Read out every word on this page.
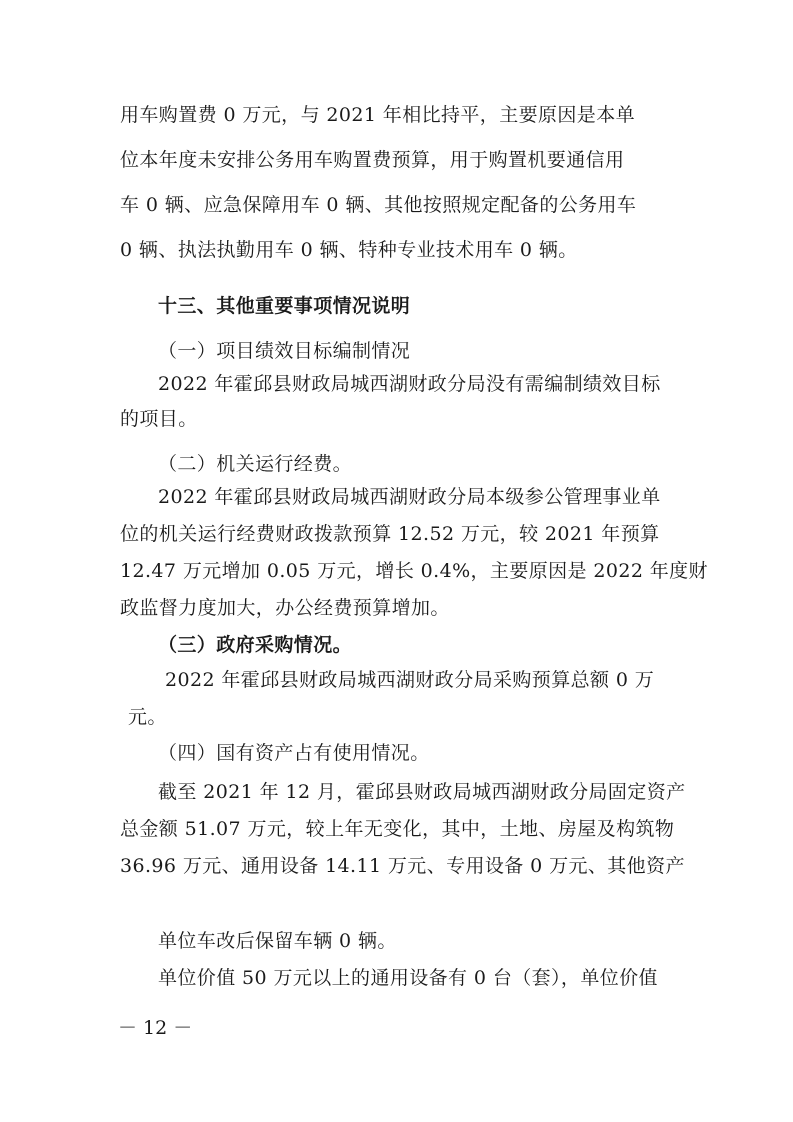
用车购置费 0 万元，与 2021 年相比持平，主要原因是本单
位本年度未安排公务用车购置费预算，用于购置机要通信用
车 0 辆、应急保障用车 0 辆、其他按照规定配备的公务用车
0 辆、执法执勤用车 0 辆、特种专业技术用车 0 辆。
十三、其他重要事项情况说明
（一）项目绩效目标编制情况
2022 年霍邱县财政局城西湖财政分局没有需编制绩效目标
的项目。
（二）机关运行经费。
2022 年霍邱县财政局城西湖财政分局本级参公管理事业单
位的机关运行经费财政拨款预算 12.52 万元，较 2021 年预算
12.47 万元增加 0.05 万元，增长 0.4%，主要原因是 2022 年度财
政监督力度加大，办公经费预算增加。
（三）政府采购情况。
2022 年霍邱县财政局城西湖财政分局采购预算总额 0 万
元。
（四）国有资产占有使用情况。
截至 2021 年 12 月，霍邱县财政局城西湖财政分局固定资产
总金额 51.07 万元，较上年无变化，其中，土地、房屋及构筑物
36.96 万元、通用设备 14.11 万元、专用设备 0 万元、其他资产
单位车改后保留车辆 0 辆。
单位价值 50 万元以上的通用设备有 0 台（套），单位价值
－ 12 －
